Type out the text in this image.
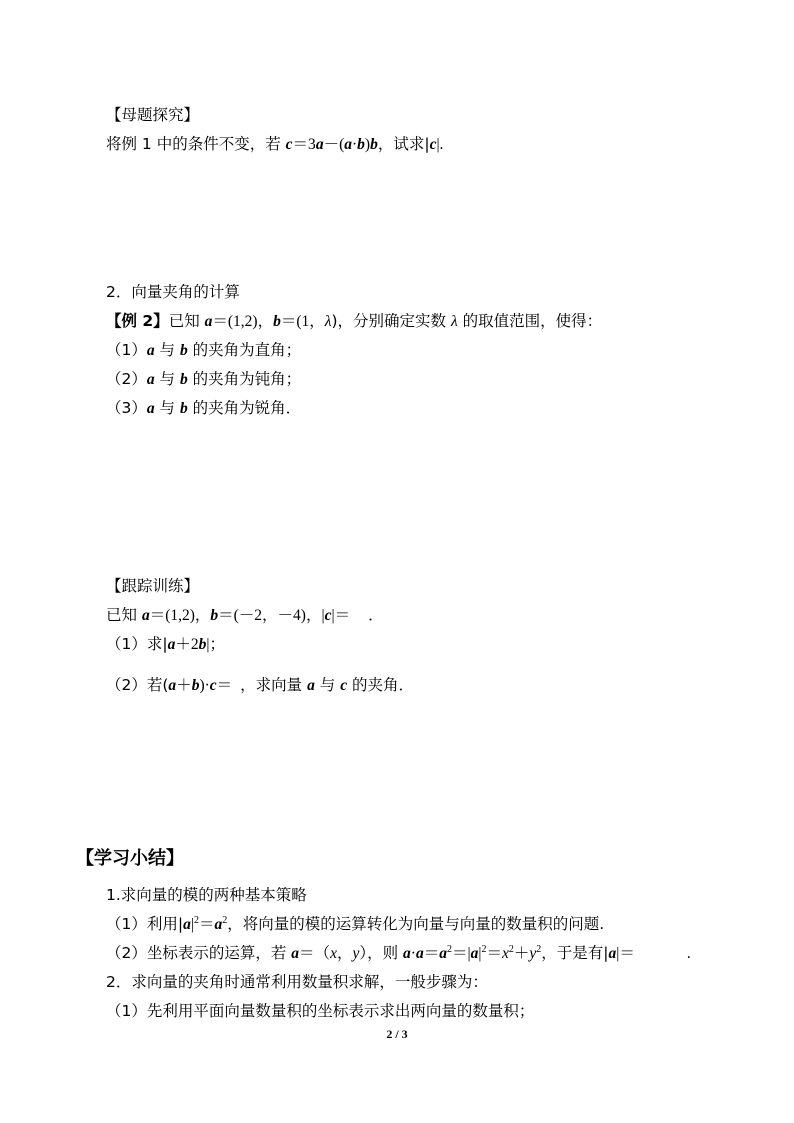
【母题探究】
将例 1 中的条件不变，若 c＝3a－(a·b)b，试求|c|.
2．向量夹角的计算
【例 2】已知 a＝(1,2)，b＝(1，λ)，分别确定实数 λ 的取值范围，使得：
（1）a 与 b 的夹角为直角；
（2）a 与 b 的夹角为钝角；
（3）a 与 b 的夹角为锐角．
【跟踪训练】
已知 a＝(1,2)，b＝(－2，－4)，|c|＝ ．
（1）求|a＋2b|；
（2）若(a＋b)·c＝ ，求向量 a 与 c 的夹角．
【学习小结】
1.求向量的模的两种基本策略
（1）利用$|a|^2=a^2$，将向量的模的运算转化为向量与向量的数量积的问题.
（2）坐标表示的运算，若 a＝（x，y），则 $a\cdot a=a^2=|a|^2=x^2+y^2$，于是有|a|＝	.
2．求向量的夹角时通常利用数量积求解，一般步骤为：
（1）先利用平面向量数量积的坐标表示求出两向量的数量积；
2 / 3
